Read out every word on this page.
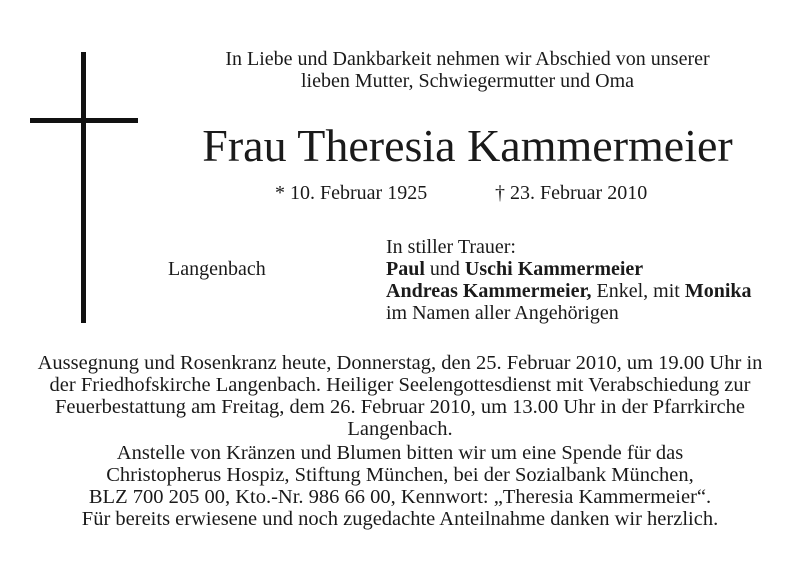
In Liebe und Dankbarkeit nehmen wir Abschied von unserer
lieben Mutter, Schwiegermutter und Oma
Frau Theresia Kammermeier
* 10. Februar 1925	† 23. Februar 2010
Langenbach
In stiller Trauer:
Paul und Uschi Kammermeier
Andreas Kammermeier, Enkel, mit Monika
im Namen aller Angehörigen
Aussegnung und Rosenkranz heute, Donnerstag, den 25. Februar 2010, um 19.00 Uhr in
der Friedhofskirche Langenbach. Heiliger Seelengottesdienst mit Verabschiedung zur
Feuerbestattung am Freitag, dem 26. Februar 2010, um 13.00 Uhr in der Pfarrkirche
Langenbach.
Anstelle von Kränzen und Blumen bitten wir um eine Spende für das
Christopherus Hospiz, Stiftung München, bei der Sozialbank München,
BLZ 700 205 00, Kto.-Nr. 986 66 00, Kennwort: „Theresia Kammermeier“.
Für bereits erwiesene und noch zugedachte Anteilnahme danken wir herzlich.
